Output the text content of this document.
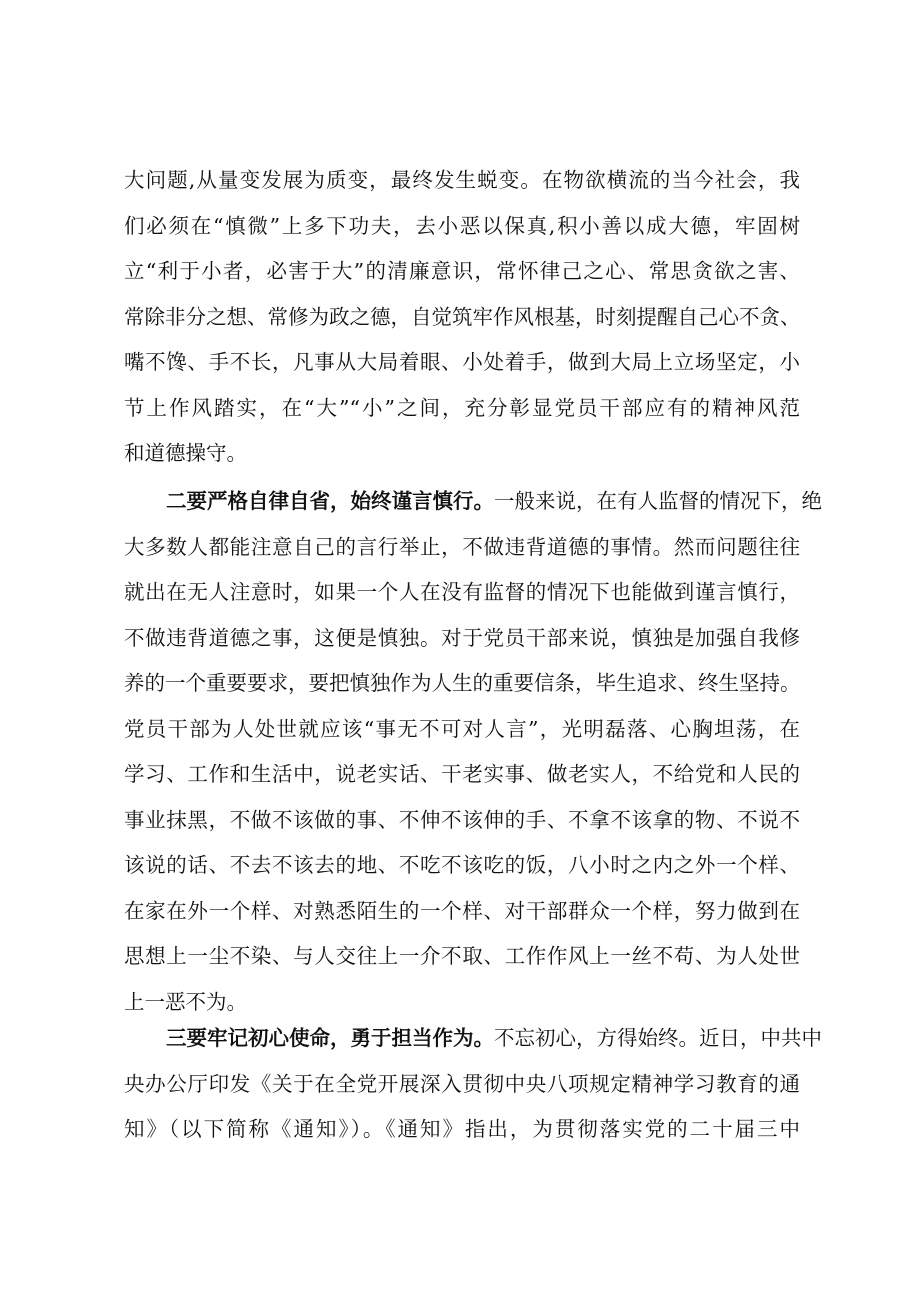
大问题,从量变发展为质变，最终发生蜕变。在物欲横流的当今社会，我
们必须在“慎微”上多下功夫，去小恶以保真,积小善以成大德，牢固树
立“利于小者，必害于大”的清廉意识，常怀律己之心、常思贪欲之害、
常除非分之想、常修为政之德，自觉筑牢作风根基，时刻提醒自己心不贪、
嘴不馋、手不长，凡事从大局着眼、小处着手，做到大局上立场坚定，小
节上作风踏实，在“大”“小”之间，充分彰显党员干部应有的精神风范
和道德操守。
二要严格自律自省，始终谨言慎行。一般来说，在有人监督的情况下，绝
大多数人都能注意自己的言行举止，不做违背道德的事情。然而问题往往
就出在无人注意时，如果一个人在没有监督的情况下也能做到谨言慎行，
不做违背道德之事，这便是慎独。对于党员干部来说，慎独是加强自我修
养的一个重要要求，要把慎独作为人生的重要信条，毕生追求、终生坚持。
党员干部为人处世就应该“事无不可对人言”，光明磊落、心胸坦荡，在
学习、工作和生活中，说老实话、干老实事、做老实人，不给党和人民的
事业抹黑，不做不该做的事、不伸不该伸的手、不拿不该拿的物、不说不
该说的话、不去不该去的地、不吃不该吃的饭，八小时之内之外一个样、
在家在外一个样、对熟悉陌生的一个样、对干部群众一个样，努力做到在
思想上一尘不染、与人交往上一介不取、工作作风上一丝不苟、为人处世
上一恶不为。
三要牢记初心使命，勇于担当作为。不忘初心，方得始终。近日，中共中
央办公厅印发《关于在全党开展深入贯彻中央八项规定精神学习教育的通
知》（以下简称《通知》）。《通知》指出，为贯彻落实党的二十届三中
